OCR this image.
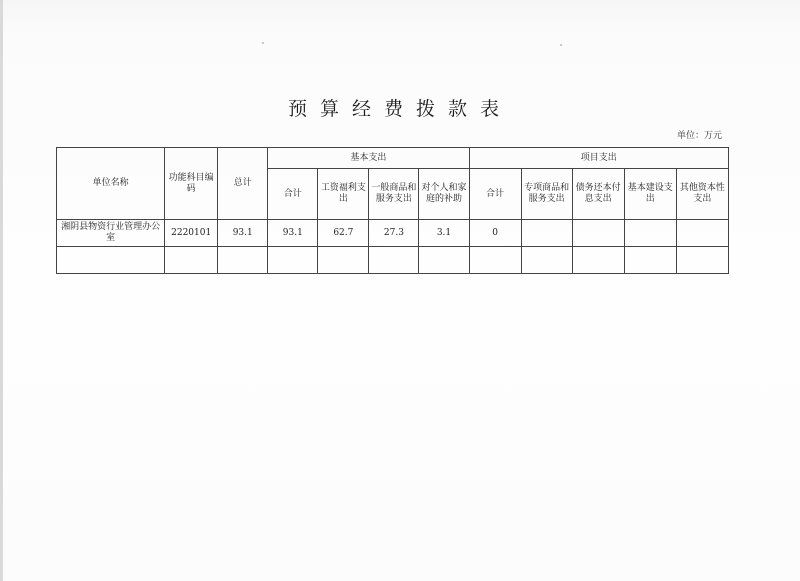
预算经费拨款表
单位：万元
单位名称	功能科目编码	总计	基本支出				项目支出				
			合计	工资福利支出	一般商品和服务支出	对个人和家庭的补助	合计	专项商品和服务支出	债务还本付息支出	基本建设支出	其他资本性支出
湘阴县物资行业管理办公室	2220101	93.1	93.1	62.7	27.3	3.1	0				
